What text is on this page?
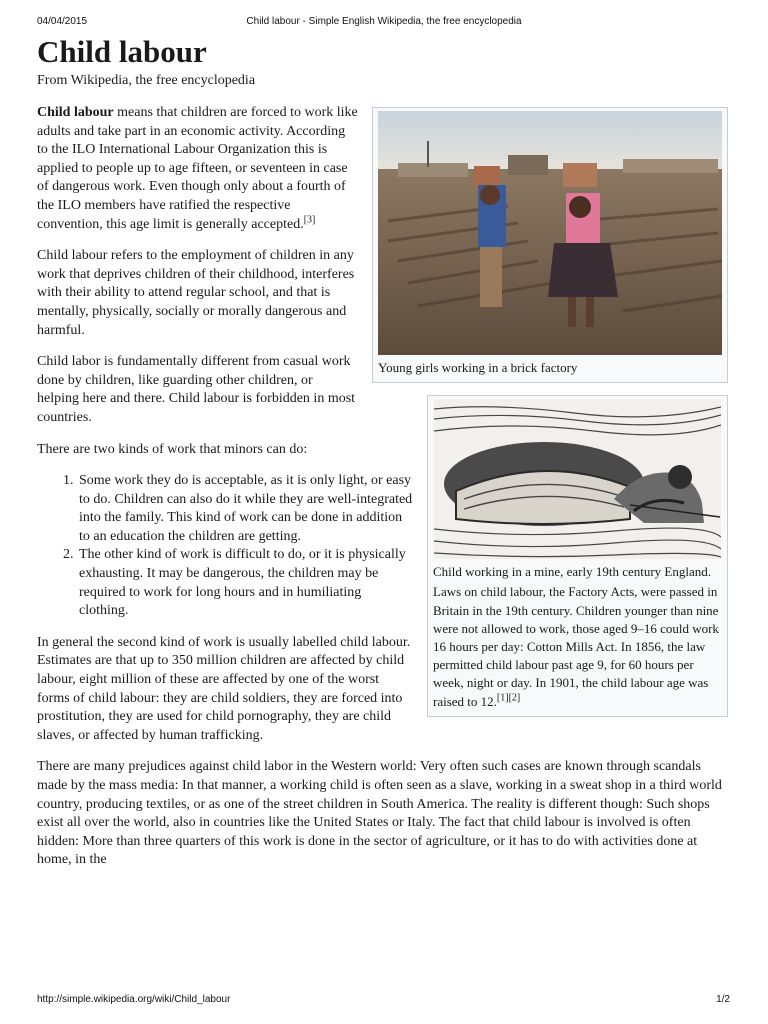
04/04/2015	Child labour - Simple English Wikipedia, the free encyclopedia
Child labour
From Wikipedia, the free encyclopedia
Young girls working in a brick factory

Child labour means that children are forced to work like adults and take part in an economic activity. According to the ILO International Labour Organization this is applied to people up to age fifteen, or seventeen in case of dangerous work. Even though only about a fourth of the ILO members have ratified the respective convention, this age limit is generally accepted.[3]

Child labour refers to the employment of children in any work that deprives children of their childhood, interferes with their ability to attend regular school, and that is mentally, physically, socially or morally dangerous and harmful.

Child working in a mine, early 19th century England.
Laws on child labour, the Factory Acts, were passed in Britain in the 19th century. Children younger than nine were not allowed to work, those aged 9–16 could work 16 hours per day: Cotton Mills Act. In 1856, the law permitted child labour past age 9, for 60 hours per week, night or day. In 1901, the child labour age was raised to 12.[1][2]

Child labor is fundamentally different from casual work done by children, like guarding other children, or helping here and there. Child labour is forbidden in most countries.

There are two kinds of work that minors can do:

1. Some work they do is acceptable, as it is only light, or easy to do. Children can also do it while they are well-integrated into the family. This kind of work can be done in addition to an education the children are getting.
2. The other kind of work is difficult to do, or it is physically exhausting. It may be dangerous, the children may be required to work for long hours and in humiliating clothing.

In general the second kind of work is usually labelled child labour. Estimates are that up to 350 million children are affected by child labour, eight million of these are affected by one of the worst forms of child labour: they are child soldiers, they are forced into prostitution, they are used for child pornography, they are child slaves, or affected by human trafficking.

There are many prejudices against child labor in the Western world: Very often such cases are known through scandals made by the mass media: In that manner, a working child is often seen as a slave, working in a sweat shop in a third world country, producing textiles, or as one of the street children in South America. The reality is different though: Such shops exist all over the world, also in countries like the United States or Italy. The fact that child labour is involved is often hidden: More than three quarters of this work is done in the sector of agriculture, or it has to do with activities done at home, in the

http://simple.wikipedia.org/wiki/Child_labour	1/2
